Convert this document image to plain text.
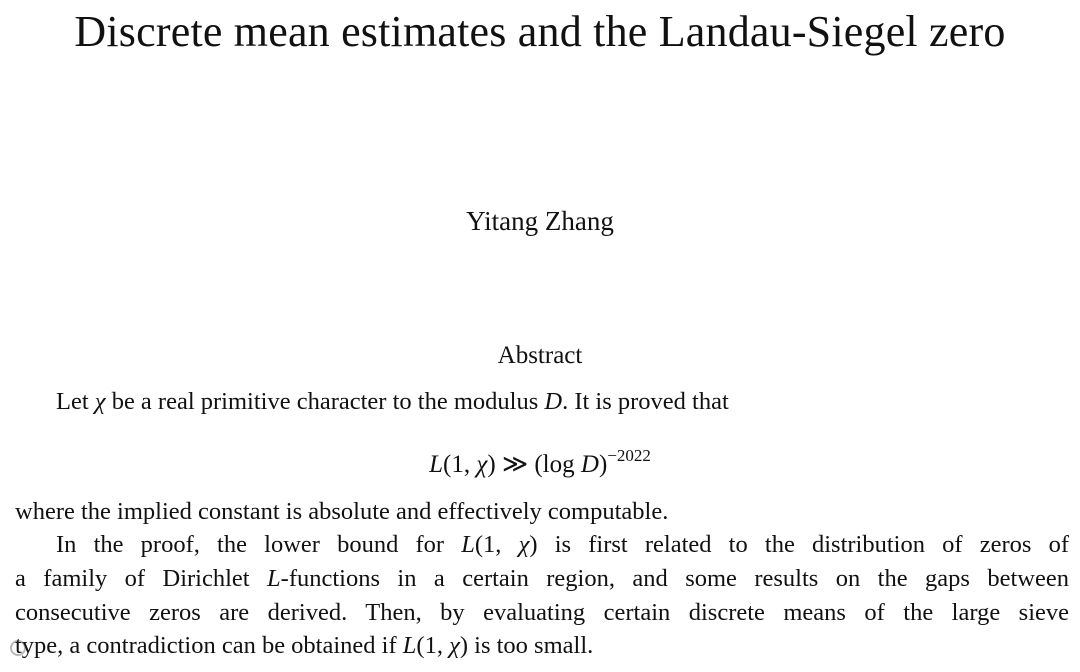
Discrete mean estimates and the Landau-Siegel zero
Yitang Zhang
Abstract
Let χ be a real primitive character to the modulus D. It is proved that
L(1, χ) ≫ (log D)$^{-2022}$
where the implied constant is absolute and effectively computable.
In the proof, the lower bound for L(1, χ) is first related to the distribution of zeros of
a family of Dirichlet L-functions in a certain region, and some results on the gaps between
consecutive zeros are derived. Then, by evaluating certain discrete means of the large sieve
type, a contradiction can be obtained if L(1, χ) is too small.
